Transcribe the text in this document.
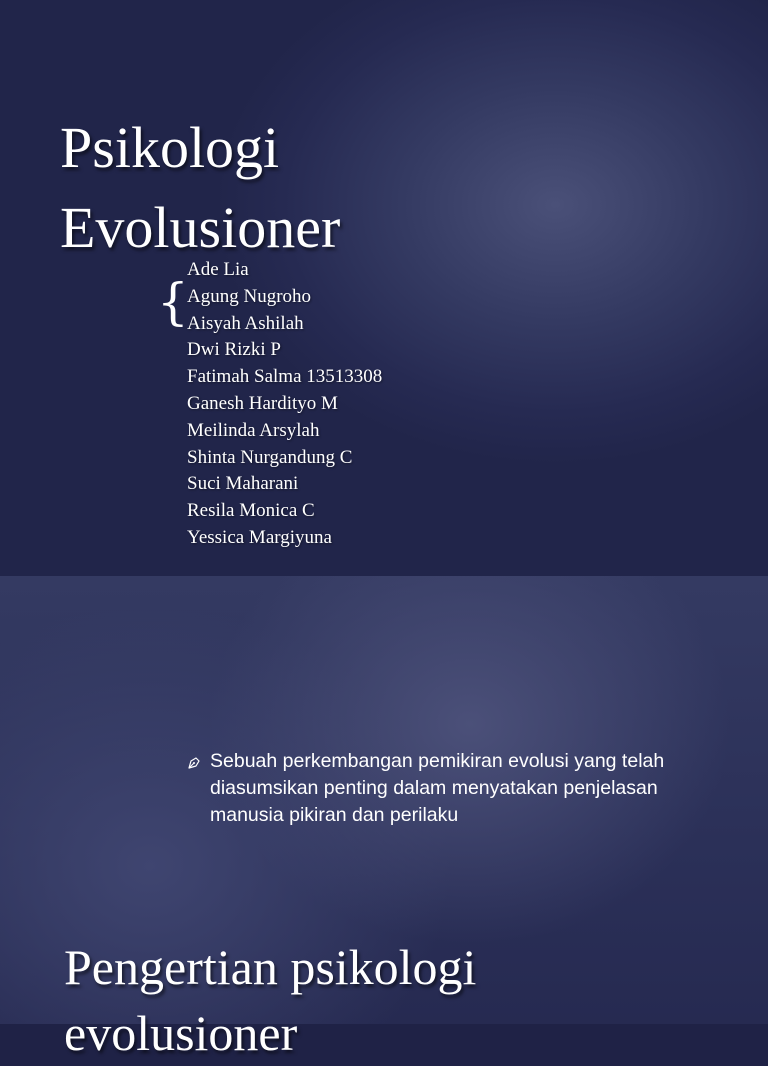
Psikologi
Evolusioner
{
Ade Lia
Agung Nugroho
Aisyah Ashilah
Dwi Rizki P
Fatimah Salma 13513308
Ganesh Hardityo M
Meilinda Arsylah
Shinta Nurgandung C
Suci Maharani
Resila Monica C
Yessica Margiyuna

Sebuah perkembangan pemikiran evolusi yang telah diasumsikan penting dalam menyatakan penjelasan manusia pikiran dan perilaku

Pengertian psikologi
evolusioner
